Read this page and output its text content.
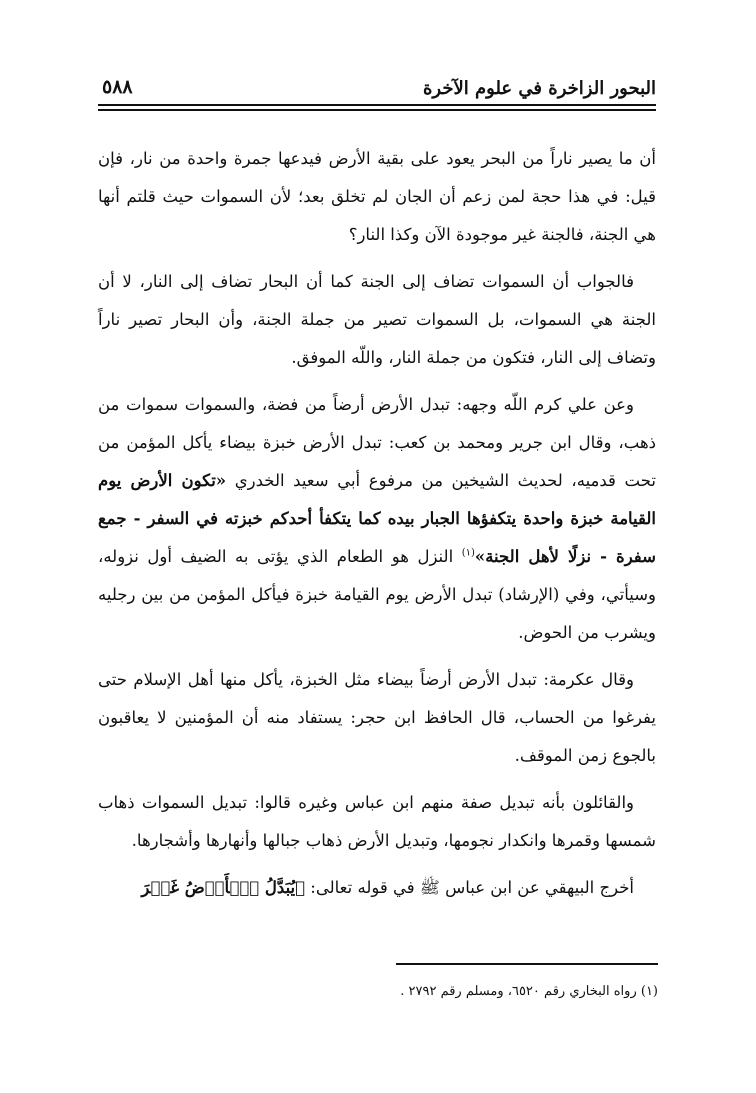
البحور الزاخرة في علوم الآخرة
٥٨٨

أن ما يصير ناراً من البحر يعود على بقية الأرض فيدعها جمرة واحدة من نار، فإن قيل: في هذا حجة لمن زعم أن الجان لم تخلق بعد؛ لأن السموات حيث قلتم أنها هي الجنة، فالجنة غير موجودة الآن وكذا النار؟

فالجواب أن السموات تضاف إلى الجنة كما أن البحار تضاف إلى النار، لا أن الجنة هي السموات، بل السموات تصير من جملة الجنة، وأن البحار تصير ناراً وتضاف إلى النار، فتكون من جملة النار، واللّه الموفق.

وعن علي كرم اللّه وجهه: تبدل الأرض أرضاً من فضة، والسموات سموات من ذهب، وقال ابن جرير ومحمد بن كعب: تبدل الأرض خبزة بيضاء يأكل المؤمن من تحت قدميه، لحديث الشيخين من مرفوع أبي سعيد الخدري «تكون الأرض يوم القيامة خبزة واحدة يتكفؤها الجبار بيده كما يتكفأ أحدكم خبزته في السفر - جمع سفرة - نزلًا لأهل الجنة»$^{(١)}$ النزل هو الطعام الذي يؤتى به الضيف أول نزوله، وسيأتي، وفي (الإرشاد) تبدل الأرض يوم القيامة خبزة فيأكل المؤمن من بين رجليه ويشرب من الحوض.

وقال عكرمة: تبدل الأرض أرضاً بيضاء مثل الخبزة، يأكل منها أهل الإسلام حتى يفرغوا من الحساب، قال الحافظ ابن حجر: يستفاد منه أن المؤمنين لا يعاقبون بالجوع زمن الموقف.

والقائلون بأنه تبديل صفة منهم ابن عباس وغيره قالوا: تبديل السموات ذهاب شمسها وقمرها وانكدار نجومها، وتبديل الأرض ذهاب جبالها وأنهارها وأشجارها.

أخرج البيهقي عن ابن عباس ﷺ في قوله تعالى: ﴿يُبَدَّلُ ٱلۡأَرۡضُ غَيۡرَ

(١) رواه البخاري رقم ٦٥٢٠، ومسلم رقم ٢٧٩٢ .
